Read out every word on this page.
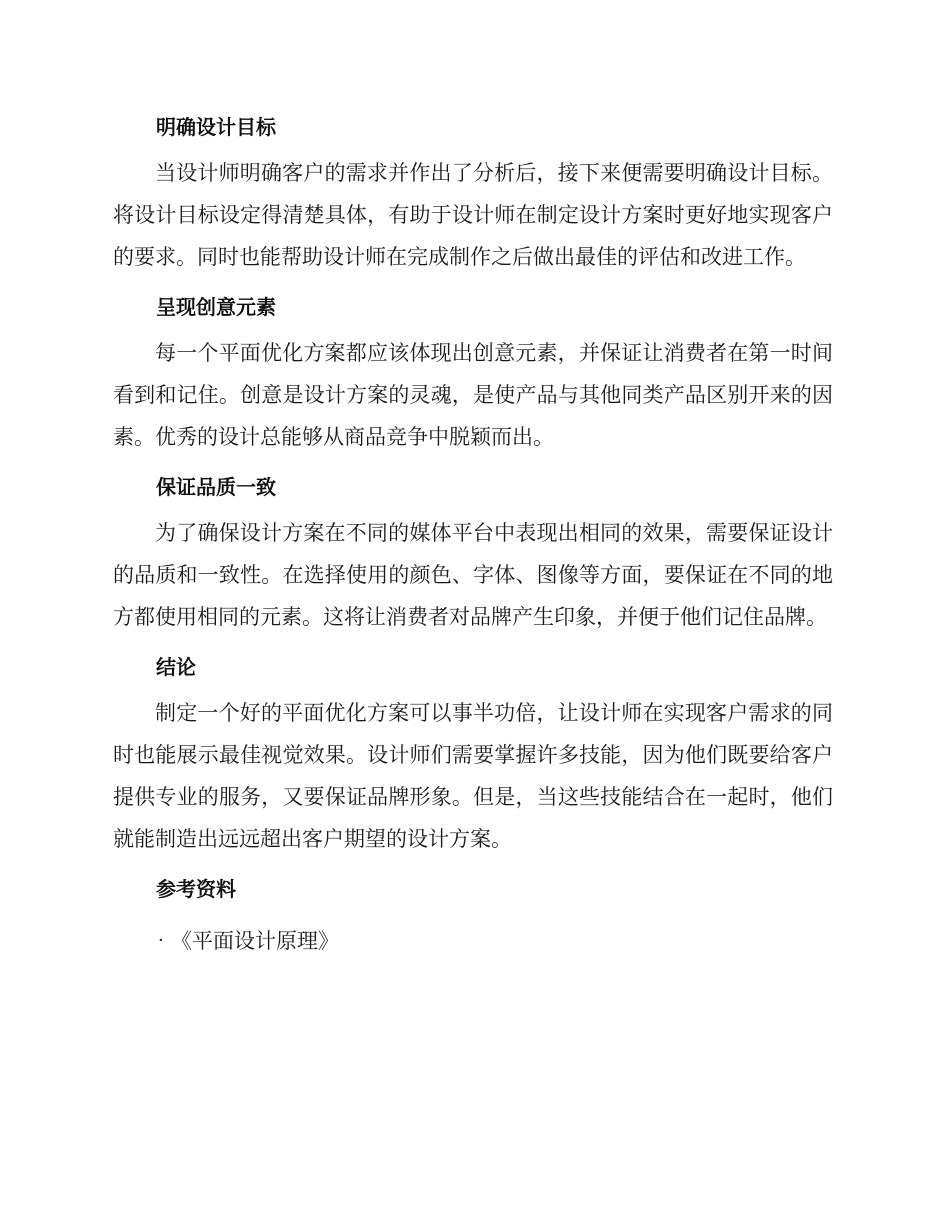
明确设计目标

当设计师明确客户的需求并作出了分析后，接下来便需要明确设计目标。将设计目标设定得清楚具体，有助于设计师在制定设计方案时更好地实现客户的要求。同时也能帮助设计师在完成制作之后做出最佳的评估和改进工作。

呈现创意元素

每一个平面优化方案都应该体现出创意元素，并保证让消费者在第一时间看到和记住。创意是设计方案的灵魂，是使产品与其他同类产品区别开来的因素。优秀的设计总能够从商品竞争中脱颖而出。

保证品质一致

为了确保设计方案在不同的媒体平台中表现出相同的效果，需要保证设计的品质和一致性。在选择使用的颜色、字体、图像等方面，要保证在不同的地方都使用相同的元素。这将让消费者对品牌产生印象，并便于他们记住品牌。

结论

制定一个好的平面优化方案可以事半功倍，让设计师在实现客户需求的同时也能展示最佳视觉效果。设计师们需要掌握许多技能，因为他们既要给客户提供专业的服务，又要保证品牌形象。但是，当这些技能结合在一起时，他们就能制造出远远超出客户期望的设计方案。

参考资料
· 《平面设计原理》
